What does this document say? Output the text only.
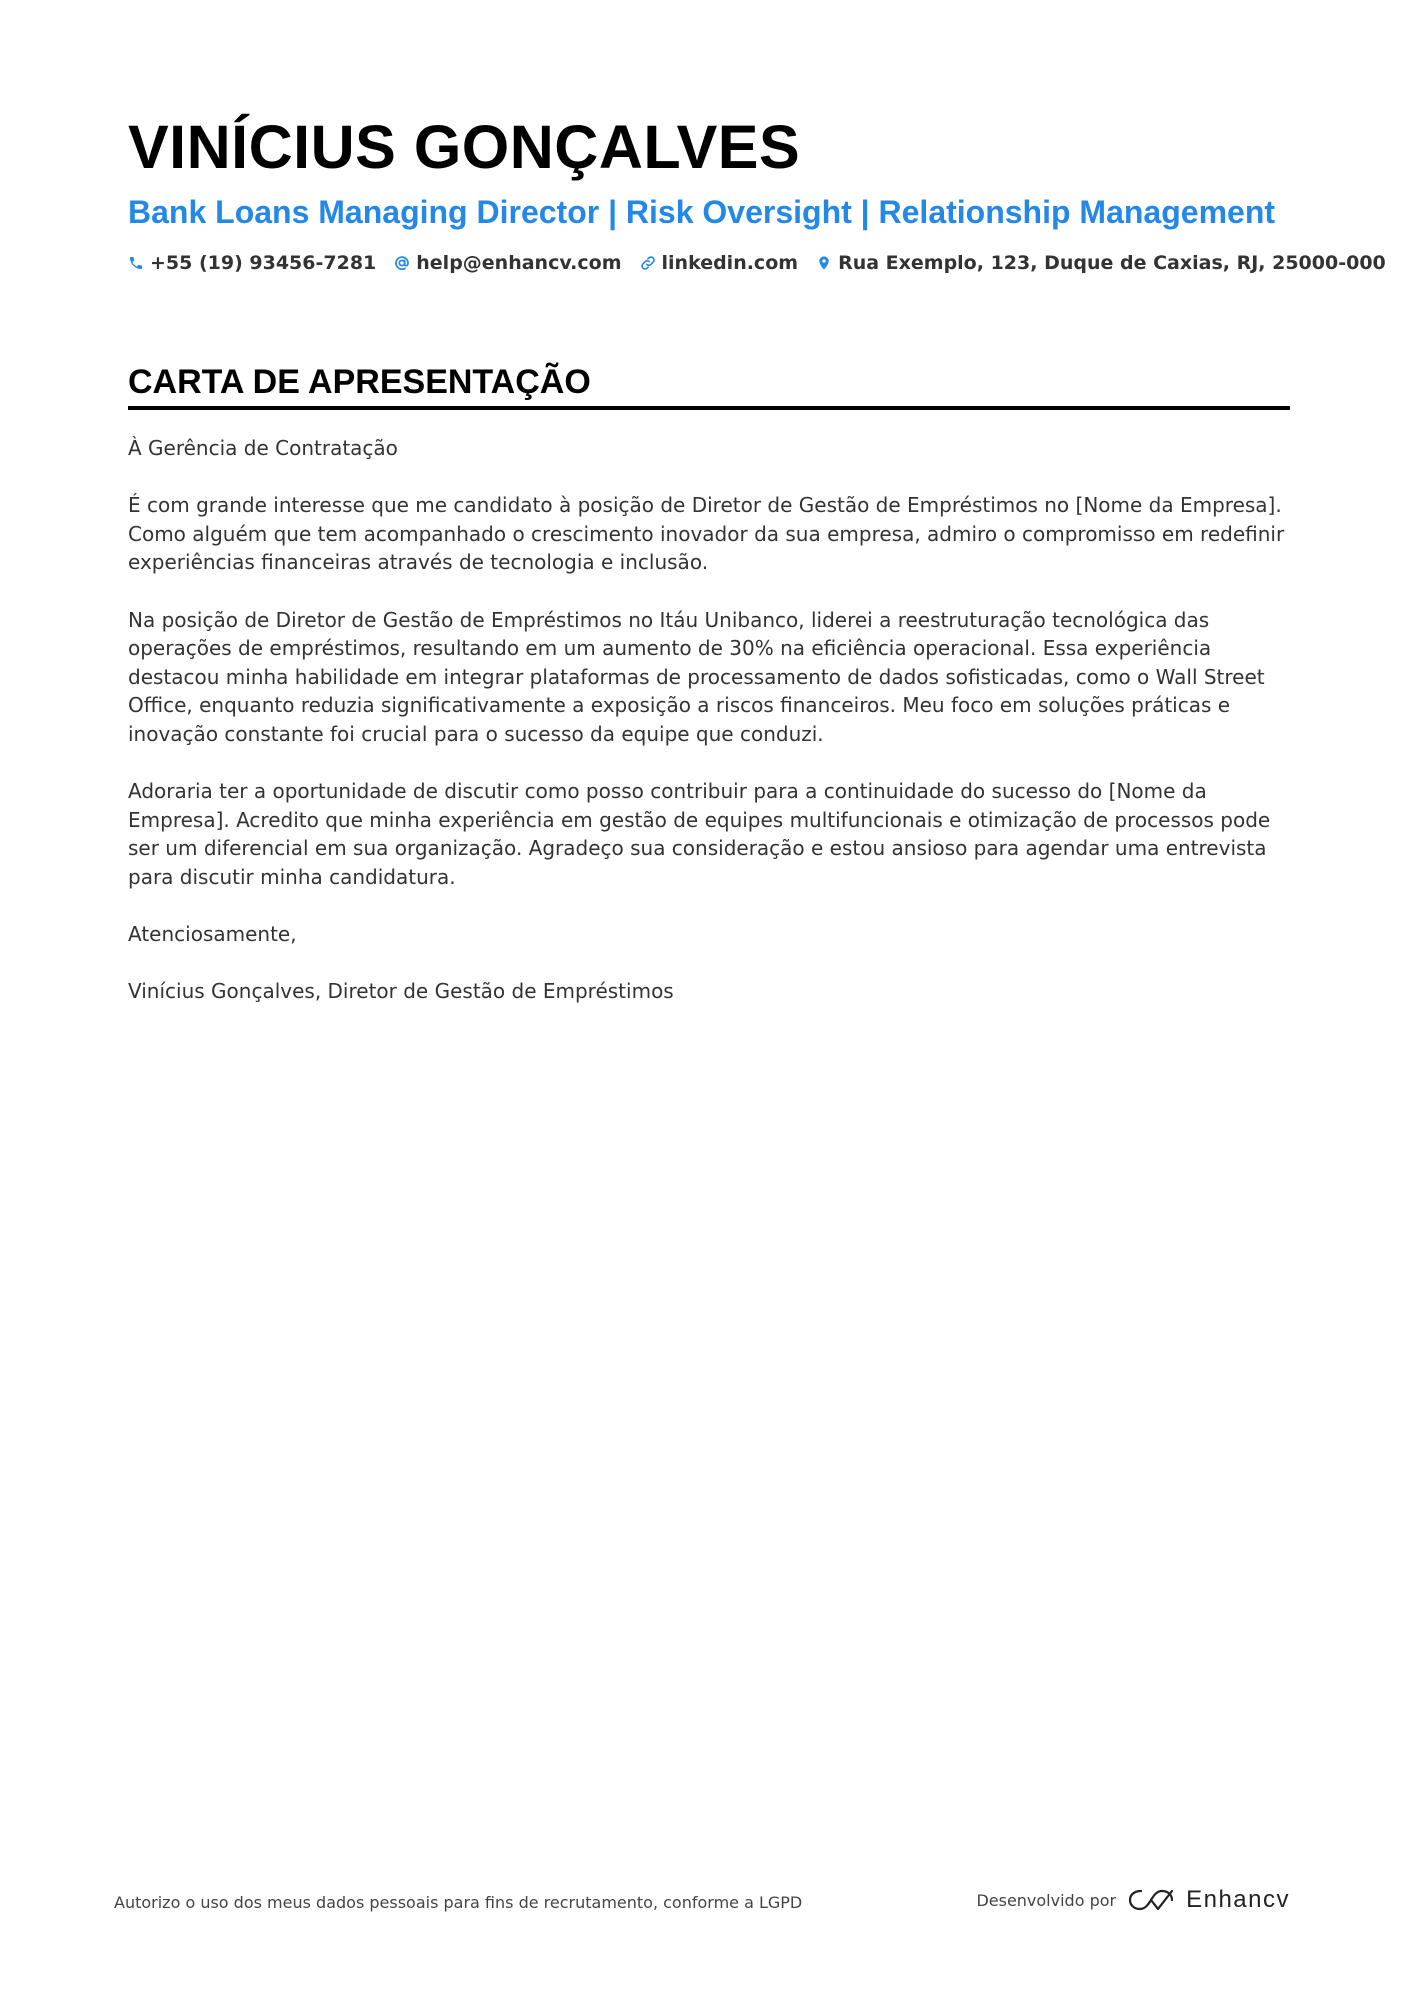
VINÍCIUS GONÇALVES
Bank Loans Managing Director | Risk Oversight | Relationship Management
+55 (19) 93456-7281 help@enhancv.com linkedin.com Rua Exemplo, 123, Duque de Caxias, RJ, 25000-000
CARTA DE APRESENTAÇÃO

À Gerência de Contratação

É com grande interesse que me candidato à posição de Diretor de Gestão de Empréstimos no [Nome da Empresa]. Como alguém que tem acompanhado o crescimento inovador da sua empresa, admiro o compromisso em redefinir experiências financeiras através de tecnologia e inclusão.

Na posição de Diretor de Gestão de Empréstimos no Itáu Unibanco, liderei a reestruturação tecnológica das operações de empréstimos, resultando em um aumento de 30% na eficiência operacional. Essa experiência destacou minha habilidade em integrar plataformas de processamento de dados sofisticadas, como o Wall Street Office, enquanto reduzia significativamente a exposição a riscos financeiros. Meu foco em soluções práticas e inovação constante foi crucial para o sucesso da equipe que conduzi.

Adoraria ter a oportunidade de discutir como posso contribuir para a continuidade do sucesso do [Nome da Empresa]. Acredito que minha experiência em gestão de equipes multifuncionais e otimização de processos pode ser um diferencial em sua organização. Agradeço sua consideração e estou ansioso para agendar uma entrevista para discutir minha candidatura.

Atenciosamente,

Vinícius Gonçalves, Diretor de Gestão de Empréstimos

Autorizo o uso dos meus dados pessoais para fins de recrutamento, conforme a LGPD	Desenvolvido por	Enhancv
